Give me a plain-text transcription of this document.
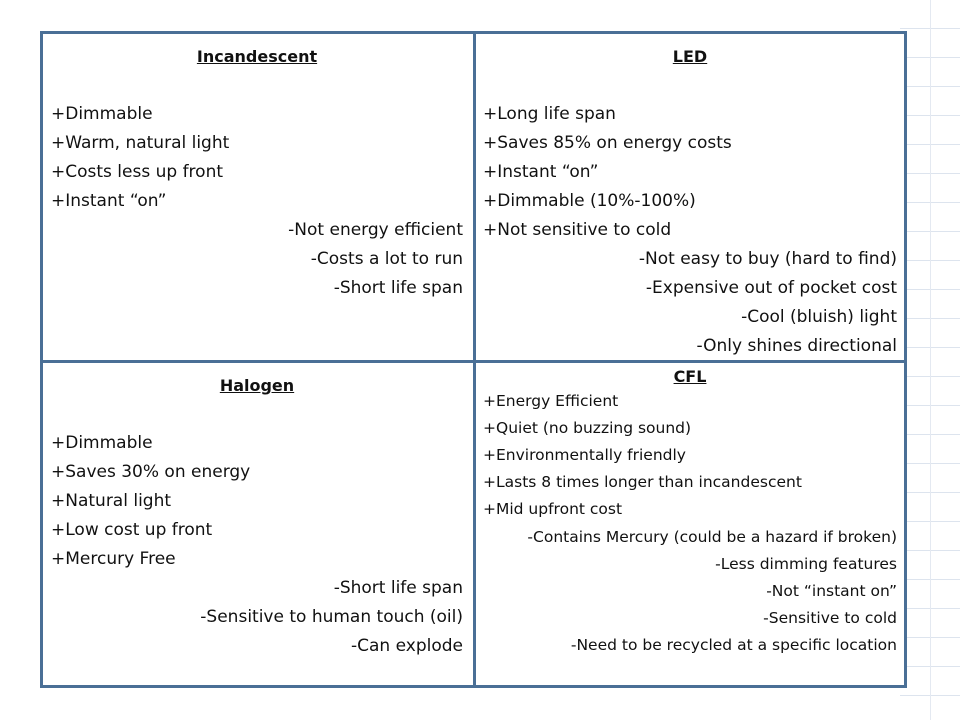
Incandescent
+Dimmable
+Warm, natural light
+Costs less up front
+Instant “on”
-Not energy efficient
-Costs a lot to run
-Short life span
LED
+Long life span
+Saves 85% on energy costs
+Instant “on”
+Dimmable (10%-100%)
+Not sensitive to cold
-Not easy to buy (hard to find)
-Expensive out of pocket cost
-Cool (bluish) light
-Only shines directional
Halogen
+Dimmable
+Saves 30% on energy
+Natural light
+Low cost up front
+Mercury Free
-Short life span
-Sensitive to human touch (oil)
-Can explode
CFL
+Energy Efficient
+Quiet (no buzzing sound)
+Environmentally friendly
+Lasts 8 times longer than incandescent
+Mid upfront cost
-Contains Mercury (could be a hazard if broken)
-Less dimming features
-Not “instant on”
-Sensitive to cold
-Need to be recycled at a specific location
